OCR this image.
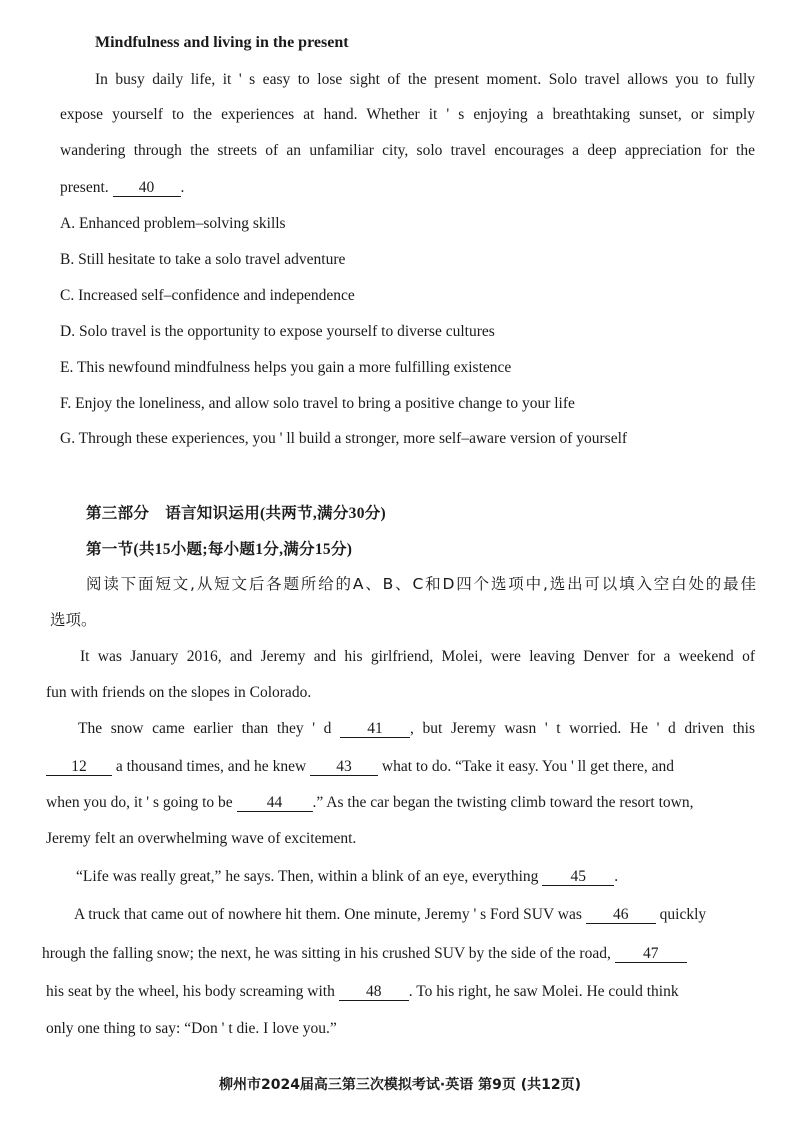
Mindfulness and living in the present
In busy daily life, it ' s easy to lose sight of the present moment. Solo travel allows you to fully
expose yourself to the experiences at hand. Whether it ' s enjoying a breathtaking sunset, or simply
wandering through the streets of an unfamiliar city, solo travel encourages a deep appreciation for the
present. 40 .
A. Enhanced problem–solving skills
B. Still hesitate to take a solo travel adventure
C. Increased self–confidence and independence
D. Solo travel is the opportunity to expose yourself to diverse cultures
E. This newfound mindfulness helps you gain a more fulfilling existence
F. Enjoy the loneliness, and allow solo travel to bring a positive change to your life
G. Through these experiences, you ' ll build a stronger, more self–aware version of yourself
第三部分 语言知识运用(共两节,满分30分)
第一节(共15小题;每小题1分,满分15分)
阅读下面短文,从短文后各题所给的A、B、C和D四个选项中,选出可以填入空白处的最佳
选项。
It was January 2016, and Jeremy and his girlfriend, Molei, were leaving Denver for a weekend of
fun with friends on the slopes in Colorado.
The snow came earlier than they ' d 41 , but Jeremy wasn ' t worried. He ' d driven this
12 a thousand times, and he knew 43 what to do. “Take it easy. You ' ll get there, and
when you do, it ' s going to be 44 .” As the car began the twisting climb toward the resort town,
Jeremy felt an overwhelming wave of excitement.
“Life was really great,” he says. Then, within a blink of an eye, everything 45 .
A truck that came out of nowhere hit them. One minute, Jeremy ' s Ford SUV was 46 quickly
hrough the falling snow; the next, he was sitting in his crushed SUV by the side of the road, 47
his seat by the wheel, his body screaming with 48 . To his right, he saw Molei. He could think
only one thing to say: “Don ' t die. I love you.”
柳州市2024届高三第三次模拟考试·英语 第9页 (共12页)
